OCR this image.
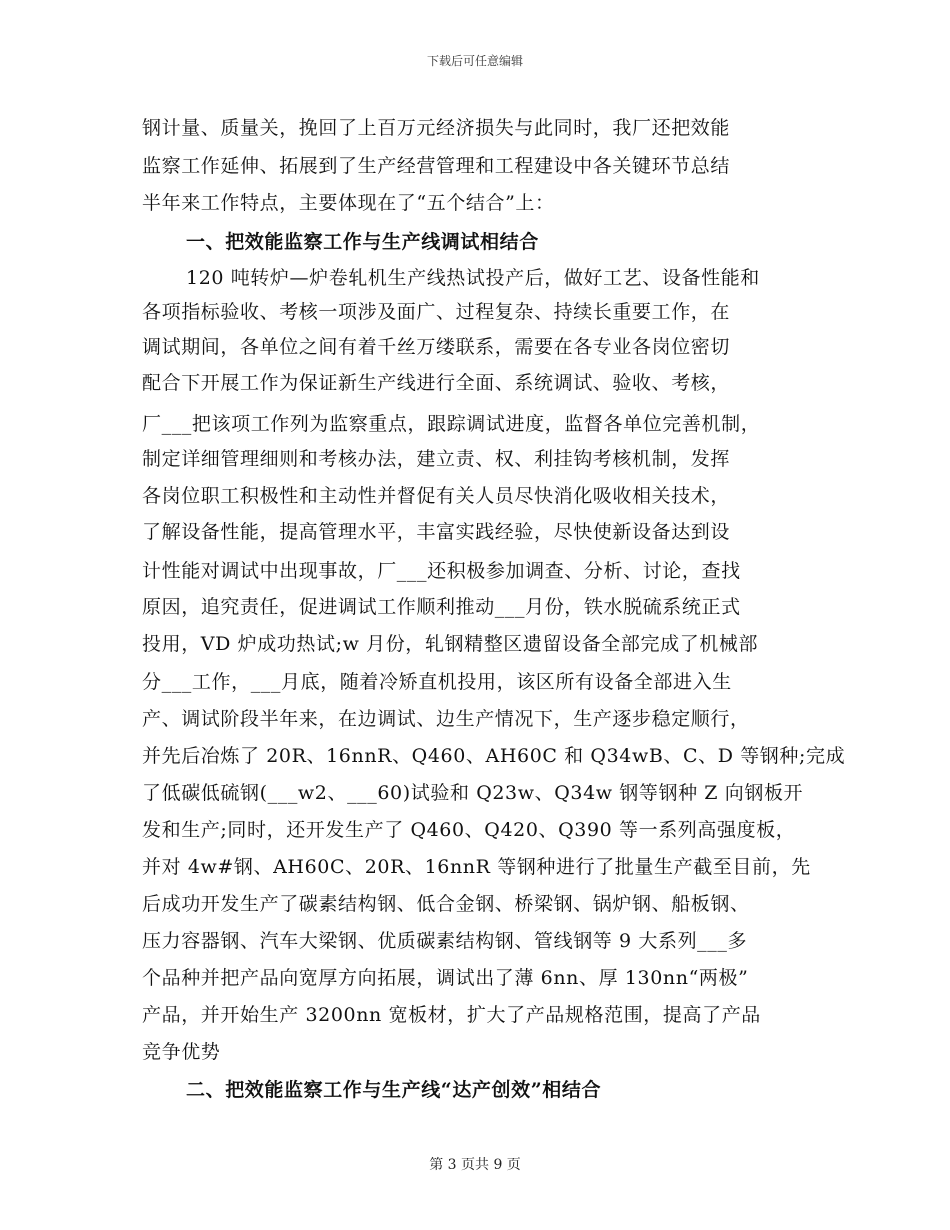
下载后可任意编辑
钢计量、质量关，挽回了上百万元经济损失与此同时，我厂还把效能
监察工作延伸、拓展到了生产经营管理和工程建设中各关键环节总结
半年来工作特点，主要体现在了“五个结合”上：
一、把效能监察工作与生产线调试相结合
120 吨转炉—炉卷轧机生产线热试投产后，做好工艺、设备性能和
各项指标验收、考核一项涉及面广、过程复杂、持续长重要工作，在
调试期间，各单位之间有着千丝万缕联系，需要在各专业各岗位密切
配合下开展工作为保证新生产线进行全面、系统调试、验收、考核，
厂___把该项工作列为监察重点，跟踪调试进度，监督各单位完善机制，
制定详细管理细则和考核办法，建立责、权、利挂钩考核机制，发挥
各岗位职工积极性和主动性并督促有关人员尽快消化吸收相关技术，
了解设备性能，提高管理水平，丰富实践经验，尽快使新设备达到设
计性能对调试中出现事故，厂___还积极参加调查、分析、讨论，查找
原因，追究责任，促进调试工作顺利推动___月份，铁水脱硫系统正式
投用，VD 炉成功热试;w 月份，轧钢精整区遗留设备全部完成了机械部
分___工作，___月底，随着冷矫直机投用，该区所有设备全部进入生
产、调试阶段半年来，在边调试、边生产情况下，生产逐步稳定顺行，
并先后冶炼了 20R、16nnR、Q460、AH60C 和 Q34wB、C、D 等钢种;完成
了低碳低硫钢(___w2、___60)试验和 Q23w、Q34w 钢等钢种 Z 向钢板开
发和生产;同时，还开发生产了 Q460、Q420、Q390 等一系列高强度板，
并对 4w#钢、AH60C、20R、16nnR 等钢种进行了批量生产截至目前，先
后成功开发生产了碳素结构钢、低合金钢、桥梁钢、锅炉钢、船板钢、
压力容器钢、汽车大梁钢、优质碳素结构钢、管线钢等 9 大系列___多
个品种并把产品向宽厚方向拓展，调试出了薄 6nn、厚 130nn“两极”
产品，并开始生产 3200nn 宽板材，扩大了产品规格范围，提高了产品
竞争优势
二、把效能监察工作与生产线“达产创效”相结合
第 3 页共 9 页
